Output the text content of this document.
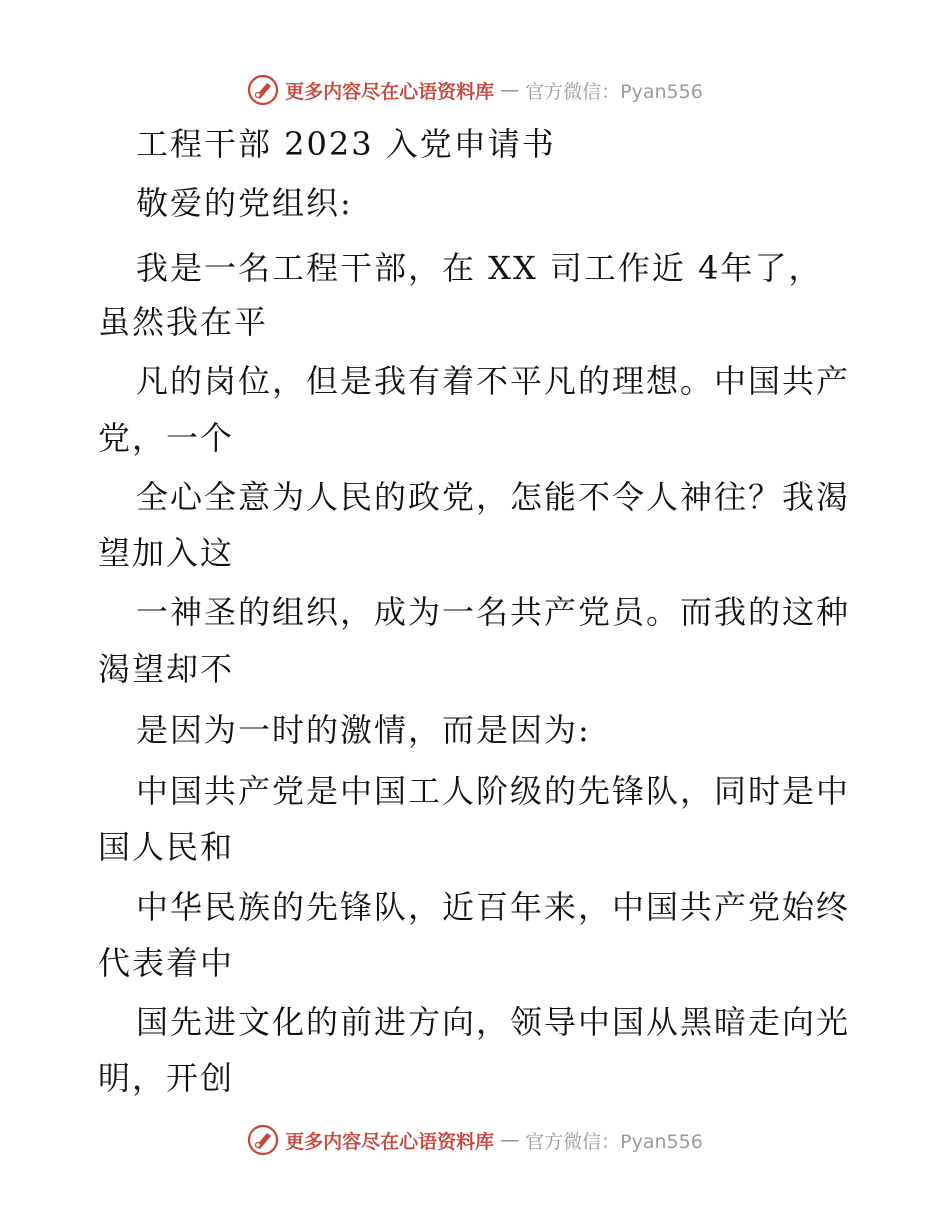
更多内容尽在心语资料库 — 官方微信：Pyan556
工程干部 2023 入党申请书
敬爱的党组织:
我是一名工程干部，在 XX 司工作近 4年了，
虽然我在平
凡的岗位，但是我有着不平凡的理想。中国共产
党，一个
全心全意为人民的政党，怎能不令人神往？我渴
望加入这
一神圣的组织，成为一名共产党员。而我的这种
渴望却不
是因为一时的激情，而是因为:
中国共产党是中国工人阶级的先锋队，同时是中
国人民和
中华民族的先锋队，近百年来，中国共产党始终
代表着中
国先进文化的前进方向，领导中国从黑暗走向光
明，开创
更多内容尽在心语资料库 — 官方微信：Pyan556
